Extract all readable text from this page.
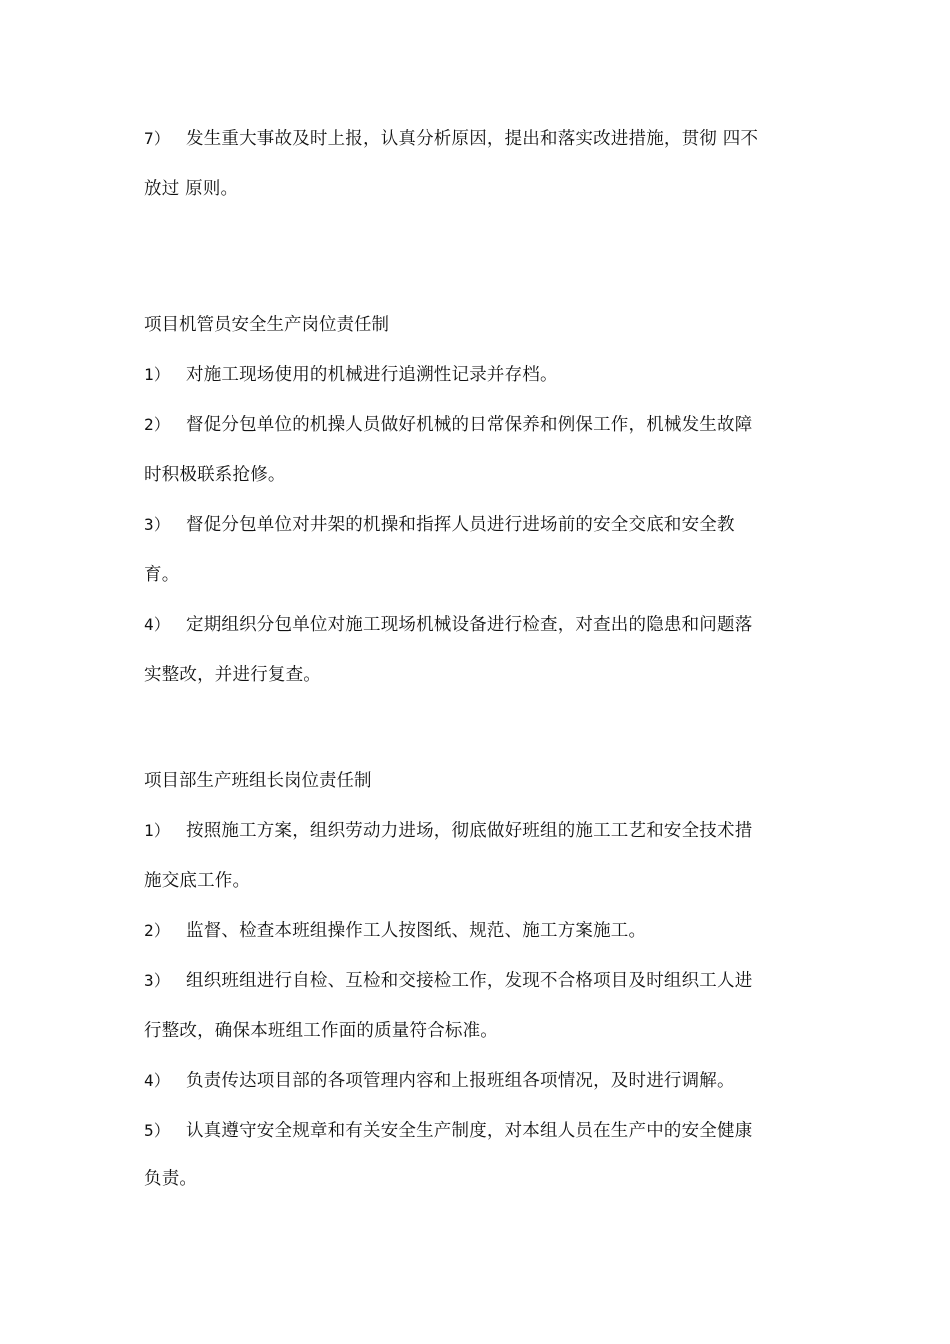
7） 发生重大事故及时上报，认真分析原因，提出和落实改进措施，贯彻 四不
放过 原则。
项目机管员安全生产岗位责任制
1） 对施工现场使用的机械进行追溯性记录并存档。
2） 督促分包单位的机操人员做好机械的日常保养和例保工作，机械发生故障
时积极联系抢修。
3） 督促分包单位对井架的机操和指挥人员进行进场前的安全交底和安全教
育。
4） 定期组织分包单位对施工现场机械设备进行检查，对查出的隐患和问题落
实整改，并进行复查。
项目部生产班组长岗位责任制
1） 按照施工方案，组织劳动力进场，彻底做好班组的施工工艺和安全技术措
施交底工作。
2） 监督、检查本班组操作工人按图纸、规范、施工方案施工。
3） 组织班组进行自检、互检和交接检工作，发现不合格项目及时组织工人进
行整改，确保本班组工作面的质量符合标准。
4） 负责传达项目部的各项管理内容和上报班组各项情况，及时进行调解。
5） 认真遵守安全规章和有关安全生产制度，对本组人员在生产中的安全健康
负责。
